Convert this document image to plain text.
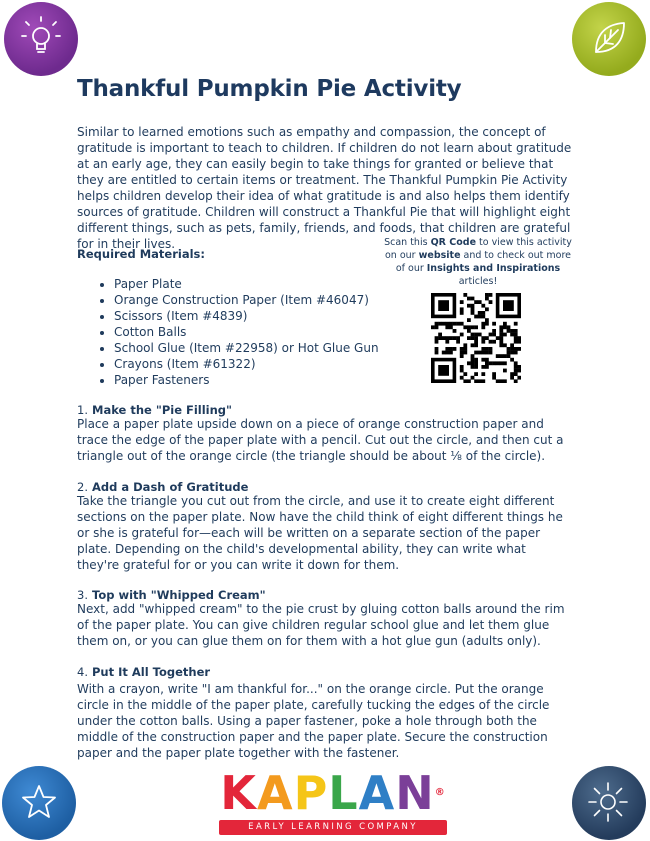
Thankful Pumpkin Pie Activity
Similar to learned emotions such as empathy and compassion, the concept of gratitude is important to teach to children. If children do not learn about gratitude at an early age, they can easily begin to take things for granted or believe that they are entitled to certain items or treatment. The Thankful Pumpkin Pie Activity helps children develop their idea of what gratitude is and also helps them identify sources of gratitude. Children will construct a Thankful Pie that will highlight eight different things, such as pets, family, friends, and foods, that children are grateful for in their lives.
Required Materials:
• Paper Plate
• Orange Construction Paper (Item #46047)
• Scissors (Item #4839)
• Cotton Balls
• School Glue (Item #22958) or Hot Glue Gun
• Crayons (Item #61322)
• Paper Fasteners
Scan this QR Code to view this activity on our website and to check out more of our Insights and Inspirations articles!
1. Make the "Pie Filling"
Place a paper plate upside down on a piece of orange construction paper and trace the edge of the paper plate with a pencil. Cut out the circle, and then cut a triangle out of the orange circle (the triangle should be about ⅛ of the circle).
2. Add a Dash of Gratitude
Take the triangle you cut out from the circle, and use it to create eight different sections on the paper plate. Now have the child think of eight different things he or she is grateful for—each will be written on a separate section of the paper plate. Depending on the child's developmental ability, they can write what they're grateful for or you can write it down for them.
3. Top with "Whipped Cream"
Next, add "whipped cream" to the pie crust by gluing cotton balls around the rim of the paper plate. You can give children regular school glue and let them glue them on, or you can glue them on for them with a hot glue gun (adults only).
4. Put It All Together
With a crayon, write "I am thankful for..." on the orange circle. Put the orange circle in the middle of the paper plate, carefully tucking the edges of the circle under the cotton balls. Using a paper fastener, poke a hole through both the middle of the construction paper and the paper plate. Secure the construction paper and the paper plate together with the fastener.
KAPLAN®
EARLY LEARNING COMPANY
